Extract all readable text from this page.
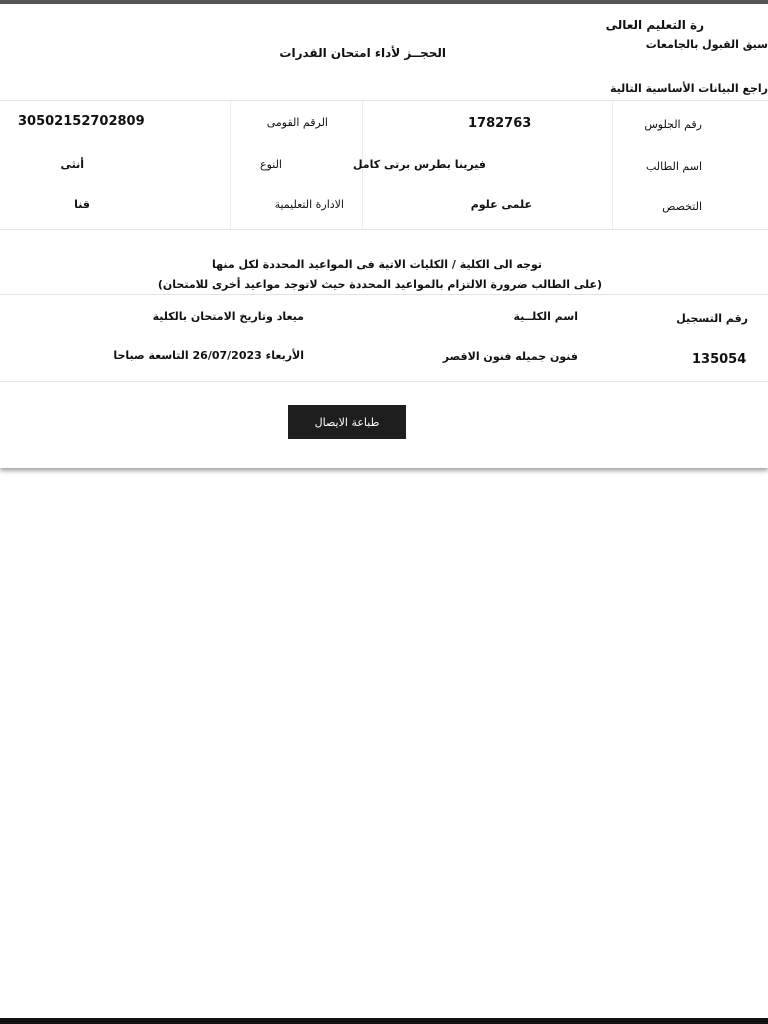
رة التعليم العالى
سيق القبول بالجامعات
الحجــز لأداء امتحان القدرات
راجع البيانات الأساسية التالية
رقم الجلوس
1782763
الرقم القومى
30502152702809
اسم الطالب
فيرينا بطرس برتى كامل
النوع
أنثى
التخصص
علمى علوم
الادارة التعليمية
قنا
توجه الى الكلية / الكليات الاتية فى المواعيد المحددة لكل منها
(على الطالب ضرورة الالتزام بالمواعيد المحددة حيث لاتوجد مواعيد أخرى للامتحان)
رقم التسجيل
اسم الكلــية
ميعاد وتاريخ الامتحان بالكلية
135054
فنون جميله فنون الاقصر
الأربعاء 26/07/2023 التاسعة صباحا
طباعة الايصال
